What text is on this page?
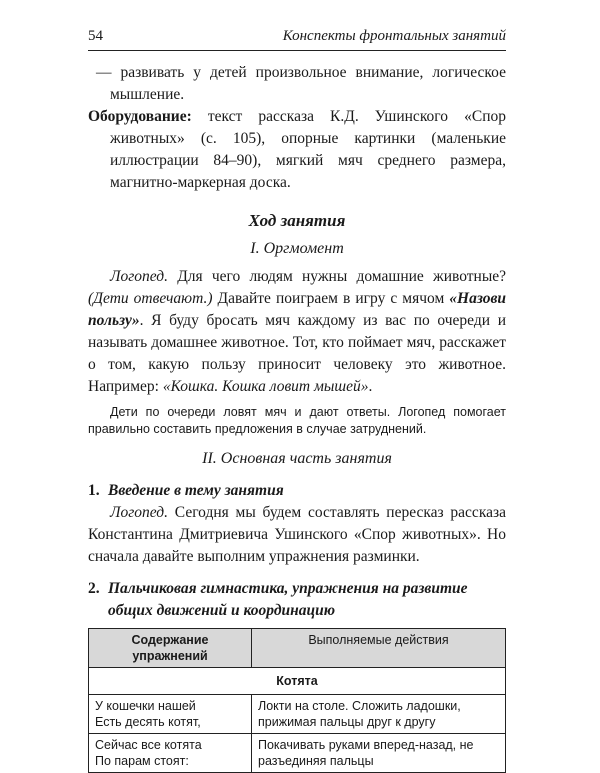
54	Конспекты фронтальных занятий

— развивать у детей произвольное внимание, логическое мышление.

Оборудование: текст рассказа К.Д. Ушинского «Спор животных» (с. 105), опорные картинки (маленькие иллюстрации 84–90), мягкий мяч среднего размера, магнитно-маркерная доска.

Ход занятия
I. Оргмомент

Логопед. Для чего людям нужны домашние животные? (Дети отвечают.) Давайте поиграем в игру с мячом «Назови пользу». Я буду бросать мяч каждому из вас по очереди и называть домашнее животное. Тот, кто поймает мяч, расскажет о том, какую пользу приносит человеку это животное. Например: «Кошка. Кошка ловит мышей».

Дети по очереди ловят мяч и дают ответы. Логопед помогает правильно составить предложения в случае затруднений.

II. Основная часть занятия
1. Введение в тему занятия

Логопед. Сегодня мы будем составлять пересказ рассказа Константина Дмитриевича Ушинского «Спор животных». Но сначала давайте выполним упражнения разминки.

2. Пальчиковая гимнастика, упражнения на развитие общих движений и координацию
Содержание упражнений	Выполняемые действия
Котята	

У кошечки нашей
Есть десять котят,	Локти на столе. Сложить ладошки, прижимая пальцы друг к другу

Сейчас все котята
По парам стоят:	Покачивать руками вперед-назад, не разъединяя пальцы
